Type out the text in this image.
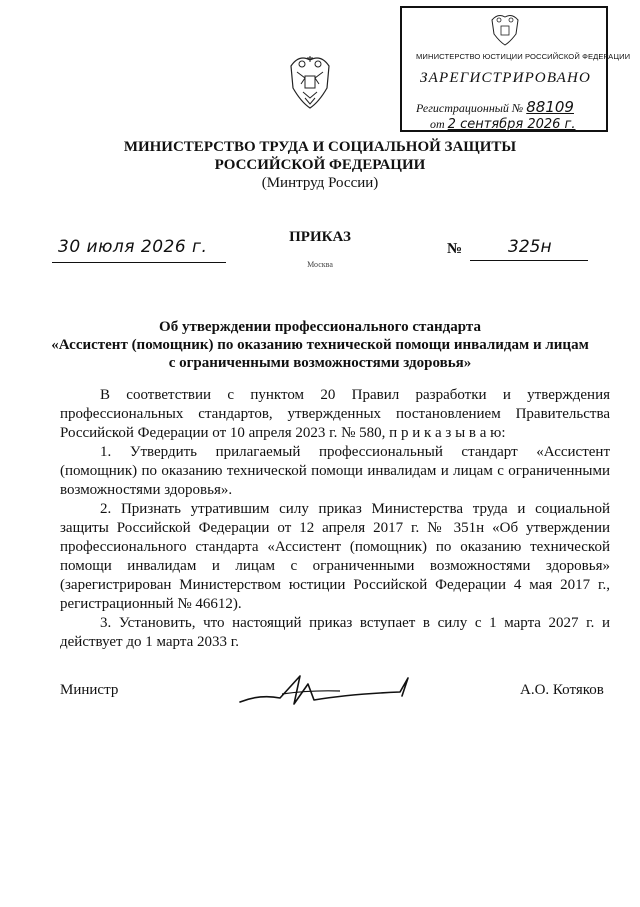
МИНИСТЕРСТВО ЮСТИЦИИ РОССИЙСКОЙ ФЕДЕРАЦИИ
ЗАРЕГИСТРИРОВАНО
Регистрационный № 88109
от 2 сентября 2026 г.
МИНИСТЕРСТВО ТРУДА И СОЦИАЛЬНОЙ ЗАЩИТЫ
РОССИЙСКОЙ ФЕДЕРАЦИИ
(Минтруд России)
ПРИКАЗ
Москва
30 июля 2026 г.	№	325н
Об утверждении профессионального стандарта
«Ассистент (помощник) по оказанию технической помощи инвалидам и лицам
с ограниченными возможностями здоровья»

В соответствии с пунктом 20 Правил разработки и утверждения профессиональных стандартов, утвержденных постановлением Правительства Российской Федерации от 10 апреля 2023 г. № 580, п р и к а з ы в а ю:

1. Утвердить прилагаемый профессиональный стандарт «Ассистент (помощник) по оказанию технической помощи инвалидам и лицам с ограниченными возможностями здоровья».

2. Признать утратившим силу приказ Министерства труда и социальной защиты Российской Федерации от 12 апреля 2017 г. № 351н «Об утверждении профессионального стандарта «Ассистент (помощник) по оказанию технической помощи инвалидам и лицам с ограниченными возможностями здоровья» (зарегистрирован Министерством юстиции Российской Федерации 4 мая 2017 г., регистрационный № 46612).

3. Установить, что настоящий приказ вступает в силу с 1 марта 2027 г. и действует до 1 марта 2033 г.

Министр	А.О. Котяков
